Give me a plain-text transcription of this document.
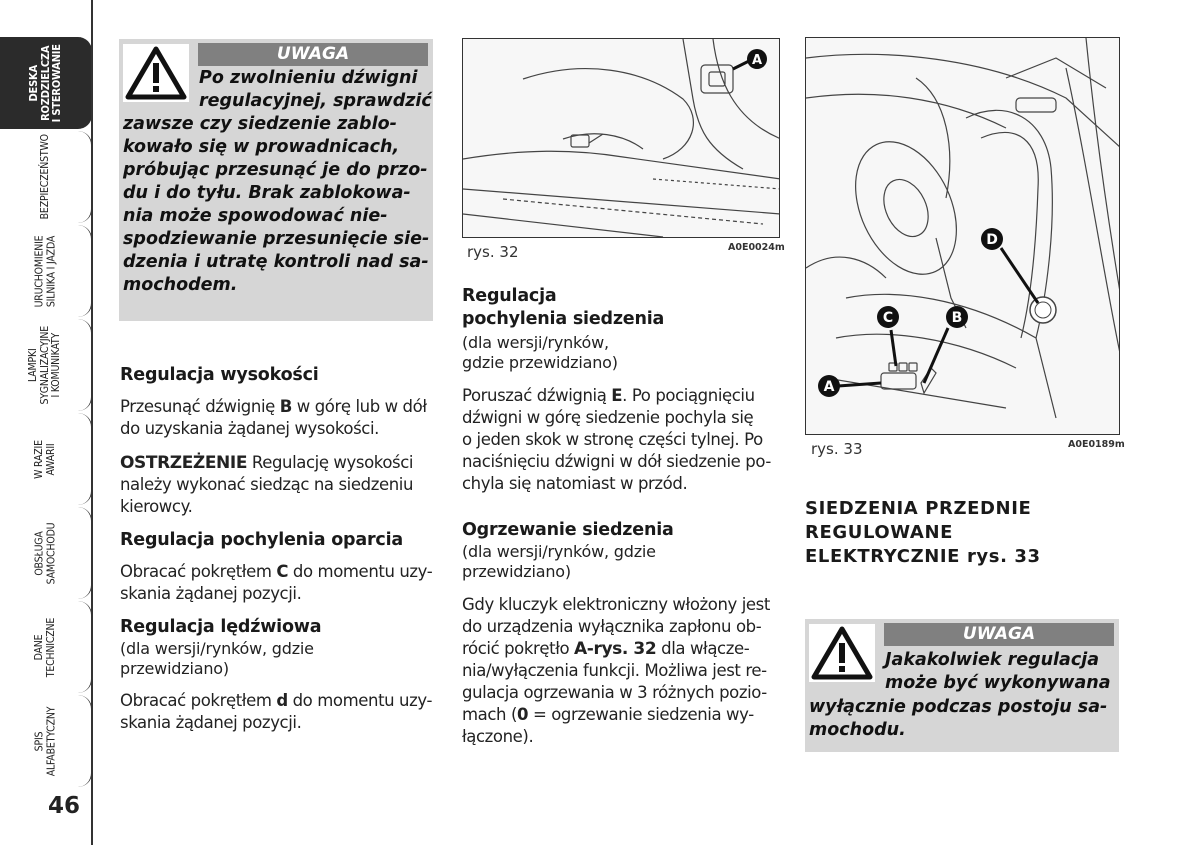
DESKA
ROZDZIELCZA
I STEROWANIE
BEZPIECZEŃSTWO
URUCHOMIENIE SILNIKA I JAZDA
LAMPKI SYGNALIZACYJNE I KOMUNIKATY
W RAZIE AWARII
OBSŁUGA SAMOCHODU
DANE TECHNICZNE
SPIS ALFABETYCZNY
46
UWAGA
Po zwolnieniu dźwigni
regulacyjnej, sprawdzić
zawsze czy siedzenie zablo-
kowało się w prowadnicach,
próbując przesunąć je do przo-
du i do tyłu. Brak zablokowa-
nia może spowodować nie-
spodziewanie przesunięcie sie-
dzenia i utratę kontroli nad sa-
mochodem.
Regulacja wysokości
Przesunąć dźwignię B w górę lub w dół
do uzyskania żądanej wysokości.
OSTRZEŻENIE Regulację wysokości
należy wykonać siedząc na siedzeniu
kierowcy.
Regulacja pochylenia oparcia
Obracać pokrętłem C do momentu uzy-
skania żądanej pozycji.
Regulacja lędźwiowa
(dla wersji/rynków, gdzie
przewidziano)
Obracać pokrętłem d do momentu uzy-
skania żądanej pozycji.
A
rys. 32	A0E0024m
Regulacja
pochylenia siedzenia
(dla wersji/rynków,
gdzie przewidziano)
Poruszać dźwignią E. Po pociągnięciu
dźwigni w górę siedzenie pochyla się
o jeden skok w stronę części tylnej. Po
naciśnięciu dźwigni w dół siedzenie po-
chyla się natomiast w przód.
Ogrzewanie siedzenia
(dla wersji/rynków, gdzie
przewidziano)
Gdy kluczyk elektroniczny włożony jest
do urządzenia wyłącznika zapłonu ob-
rócić pokrętło A-rys. 32 dla włącze-
nia/wyłączenia funkcji. Możliwa jest re-
gulacja ogrzewania w 3 różnych pozio-
mach (0 = ogrzewanie siedzenia wy-
łączone).
D
B
C
A
rys. 33	A0E0189m
SIEDZENIA PRZEDNIE
REGULOWANE
ELEKTRYCZNIE rys. 33
UWAGA
Jakakolwiek regulacja
może być wykonywana
wyłącznie podczas postoju sa-
mochodu.
